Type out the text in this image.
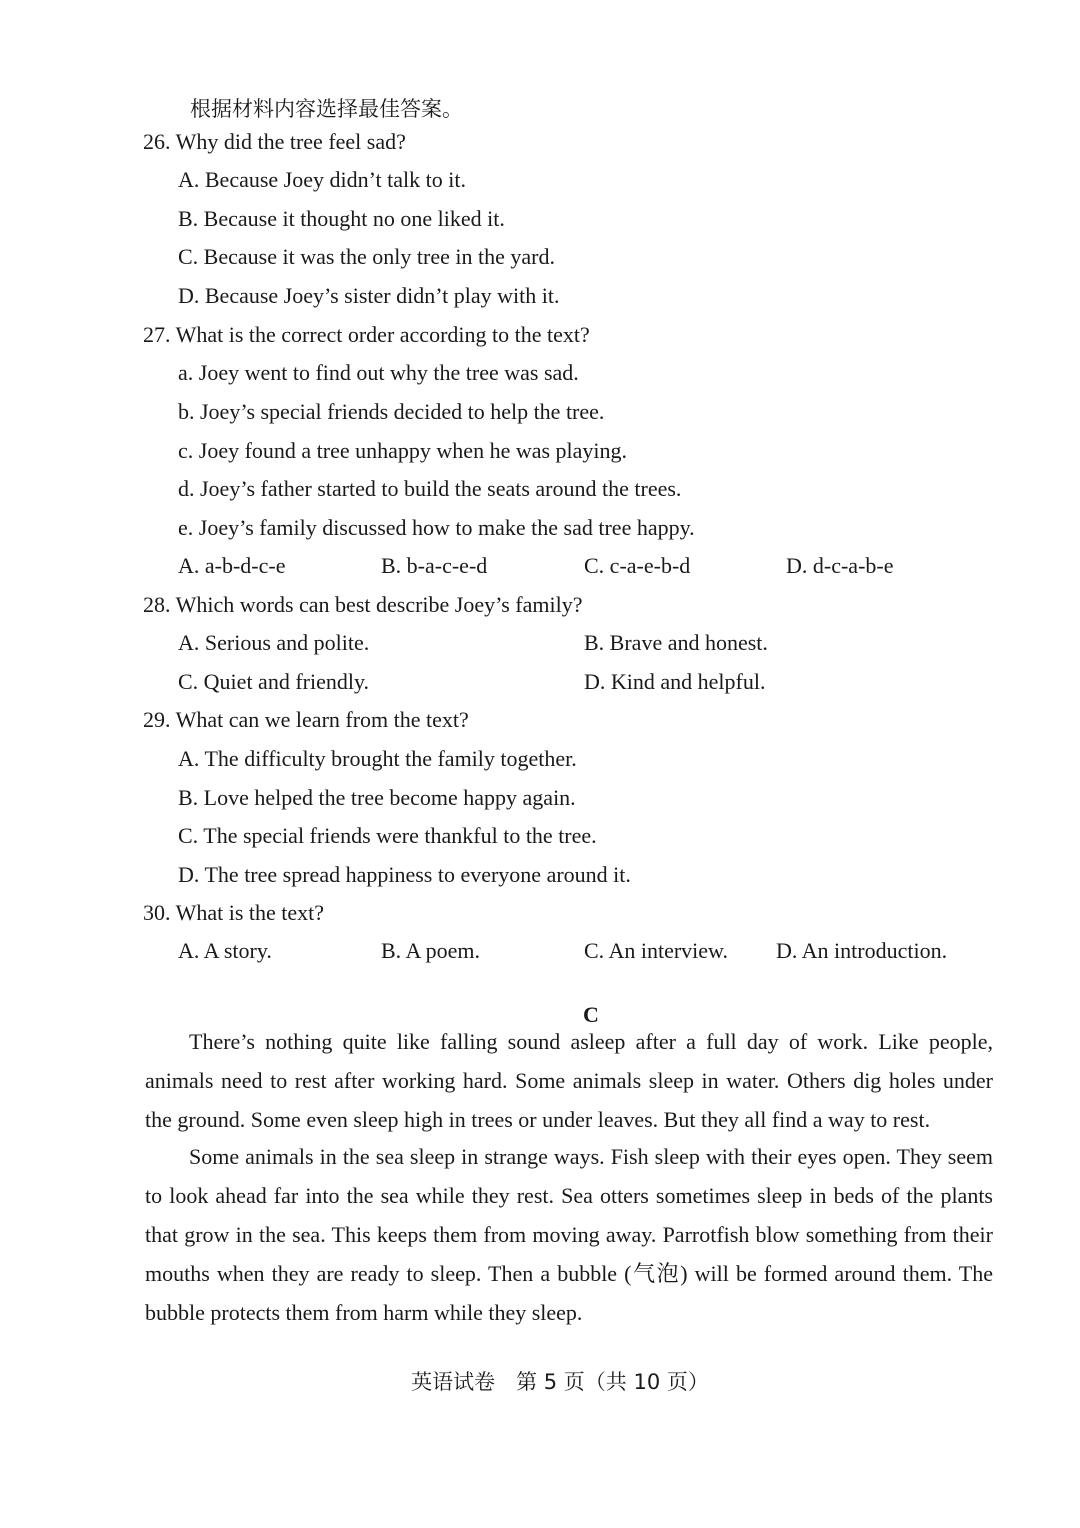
根据材料内容选择最佳答案。
26. Why did the tree feel sad?
A. Because Joey didn’t talk to it.
B. Because it thought no one liked it.
C. Because it was the only tree in the yard.
D. Because Joey’s sister didn’t play with it.
27. What is the correct order according to the text?
a. Joey went to find out why the tree was sad.
b. Joey’s special friends decided to help the tree.
c. Joey found a tree unhappy when he was playing.
d. Joey’s father started to build the seats around the trees.
e. Joey’s family discussed how to make the sad tree happy.
A. a-b-d-c-e	B. b-a-c-e-d	C. c-a-e-b-d	D. d-c-a-b-e
28. Which words can best describe Joey’s family?
A. Serious and polite.	B. Brave and honest.
C. Quiet and friendly.	D. Kind and helpful.
29. What can we learn from the text?
A. The difficulty brought the family together.
B. Love helped the tree become happy again.
C. The special friends were thankful to the tree.
D. The tree spread happiness to everyone around it.
30. What is the text?
A. A story.	B. A poem.	C. An interview. D. An introduction.
C
There’s nothing quite like falling sound asleep after a full day of work. Like people, animals need to rest after working hard. Some animals sleep in water. Others dig holes under the ground. Some even sleep high in trees or under leaves. But they all find a way to rest.
Some animals in the sea sleep in strange ways. Fish sleep with their eyes open. They seem to look ahead far into the sea while they rest. Sea otters sometimes sleep in beds of the plants that grow in the sea. This keeps them from moving away. Parrotfish blow something from their mouths when they are ready to sleep. Then a bubble (气泡) will be formed around them. The bubble protects them from harm while they sleep.
英语试卷　第 5 页（共 10 页）
